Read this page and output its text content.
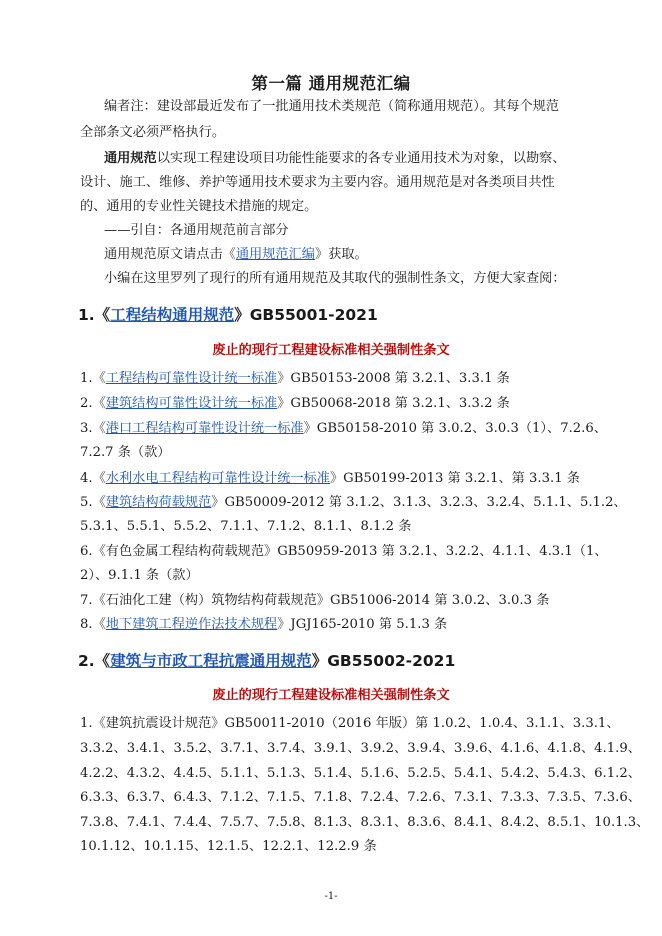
第一篇 通用规范汇编
编者注：建设部最近发布了一批通用技术类规范（简称通用规范）。其每个规范
全部条文必须严格执行。
通用规范以实现工程建设项目功能性能要求的各专业通用技术为对象，以勘察、
设计、施工、维修、养护等通用技术要求为主要内容。通用规范是对各类项目共性
的、通用的专业性关键技术措施的规定。
——引自：各通用规范前言部分
通用规范原文请点击《通用规范汇编》获取。
小编在这里罗列了现行的所有通用规范及其取代的强制性条文，方便大家查阅：
1.《工程结构通用规范》GB55001-2021
废止的现行工程建设标准相关强制性条文
1.《工程结构可靠性设计统一标准》GB50153-2008 第 3.2.1、3.3.1 条
2.《建筑结构可靠性设计统一标准》GB50068-2018 第 3.2.1、3.3.2 条
3.《港口工程结构可靠性设计统一标准》GB50158-2010 第 3.0.2、3.0.3（1）、7.2.6、
7.2.7 条（款）
4.《水利水电工程结构可靠性设计统一标准》GB50199-2013 第 3.2.1、第 3.3.1 条
5.《建筑结构荷载规范》GB50009-2012 第 3.1.2、3.1.3、3.2.3、3.2.4、5.1.1、5.1.2、
5.3.1、5.5.1、5.5.2、7.1.1、7.1.2、8.1.1、8.1.2 条
6.《有色金属工程结构荷载规范》GB50959-2013 第 3.2.1、3.2.2、4.1.1、4.3.1（1、
2）、9.1.1 条（款）
7.《石油化工建（构）筑物结构荷载规范》GB51006-2014 第 3.0.2、3.0.3 条
8.《地下建筑工程逆作法技术规程》JGJ165-2010 第 5.1.3 条
2.《建筑与市政工程抗震通用规范》GB55002-2021
废止的现行工程建设标准相关强制性条文
1.《建筑抗震设计规范》GB50011-2010（2016 年版）第 1.0.2、1.0.4、3.1.1、3.3.1、
3.3.2、3.4.1、3.5.2、3.7.1、3.7.4、3.9.1、3.9.2、3.9.4、3.9.6、4.1.6、4.1.8、4.1.9、
4.2.2、4.3.2、4.4.5、5.1.1、5.1.3、5.1.4、5.1.6、5.2.5、5.4.1、5.4.2、5.4.3、6.1.2、
6.3.3、6.3.7、6.4.3、7.1.2、7.1.5、7.1.8、7.2.4、7.2.6、7.3.1、7.3.3、7.3.5、7.3.6、
7.3.8、7.4.1、7.4.4、7.5.7、7.5.8、8.1.3、8.3.1、8.3.6、8.4.1、8.4.2、8.5.1、10.1.3、
10.1.12、10.1.15、12.1.5、12.2.1、12.2.9 条
-1-
